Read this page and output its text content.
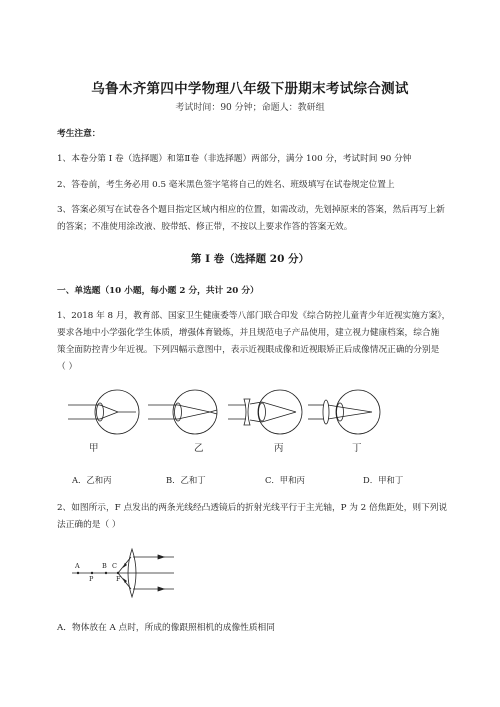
乌鲁木齐第四中学物理八年级下册期末考试综合测试
考试时间：90 分钟；命题人：教研组
考生注意：
1、本卷分第 I 卷（选择题）和第Ⅱ卷（非选择题）两部分，满分 100 分，考试时间 90 分钟
2、答卷前，考生务必用 0.5 毫米黑色签字笔将自己的姓名、班级填写在试卷规定位置上
3、答案必须写在试卷各个题目指定区域内相应的位置，如需改动，先划掉原来的答案，然后再写上新
的答案；不准使用涂改液、胶带纸、修正带，不按以上要求作答的答案无效。
第 I 卷（选择题 20 分）
一、单选题（10 小题，每小题 2 分，共计 20 分）
1、2018 年 8 月，教育部、国家卫生健康委等八部门联合印发《综合防控儿童青少年近视实施方案》，
要求各地中小学强化学生体质，增强体育锻炼，并且规范电子产品使用，建立视力健康档案，综合施
策全面防控青少年近视。下列四幅示意图中，表示近视眼成像和近视眼矫正后成像情况正确的分别是
（ ）
甲	乙	丙	丁
A．乙和丙	B．乙和丁	C．甲和丙	D．甲和丁
2、如图所示，F 点发出的两条光线经凸透镜后的折射光线平行于主光轴，P 为 2 倍焦距处，则下列说
法正确的是（ ）
A
P
B C
F
A．物体放在 A 点时，所成的像跟照相机的成像性质相同
